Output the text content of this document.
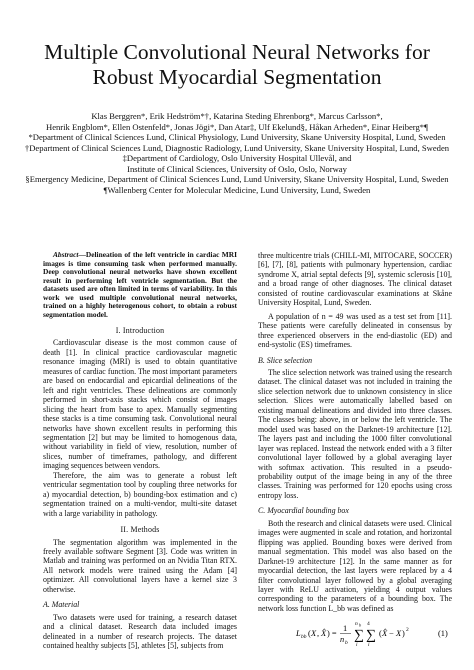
Multiple Convolutional Neural Networks for
Robust Myocardial Segmentation
Klas Berggren*, Erik Hedström*†, Katarina Steding Ehrenborg*, Marcus Carlsson*,
Henrik Engblom*, Ellen Ostenfeld*, Jonas Jögi*, Dan Atar‡, Ulf Ekelund§, Håkan Arheden*, Einar Heiberg*¶
*Department of Clinical Sciences Lund, Clinical Physiology, Lund University, Skane University Hospital, Lund, Sweden
†Department of Clinical Sciences Lund, Diagnostic Radiology, Lund University, Skane University Hospital, Lund, Sweden
‡Department of Cardiology, Oslo University Hospital Ullevål, and
Institute of Clinical Sciences, University of Oslo, Oslo, Norway
§Emergency Medicine, Department of Clinical Sciences Lund, Lund University, Skane University Hospital, Lund, Sweden
¶Wallenberg Center for Molecular Medicine, Lund University, Lund, Sweden

Abstract—Delineation of the left ventricle in cardiac MRI images is time consuming task when performed manually. Deep convolutional neural networks have shown excellent result in performing left ventricle segmentation. But the datasets used are often limited in terms of variability. In this work we used multiple convolutional neural networks, trained on a highly heterogenous cohort, to obtain a robust segmentation model.

I. Introduction

Cardiovascular disease is the most common cause of death [1]. In clinical practice cardiovascular magnetic resonance imaging (MRI) is used to obtain quantitative measures of cardiac function. The most important parameters are based on endocardial and epicardial delineations of the left and right ventricles. These delineations are commonly performed in short-axis stacks which consist of images slicing the heart from base to apex. Manually segmenting these stacks is a time consuming task. Convolutional neural networks have shown excellent results in performing this segmentation [2] but may be limited to homogenous data, without variability in field of view, resolution, number of slices, number of timeframes, pathology, and different imaging sequences between vendors.

Therefore, the aim was to generate a robust left ventricular segmentation tool by coupling three networks for a) myocardial detection, b) bounding-box estimation and c) segmentation trained on a multi-vendor, multi-site dataset with a large variability in pathology.

II. Methods

The segmentation algorithm was implemented in the freely available software Segment [3]. Code was written in Matlab and training was performed on an Nvidia Titan RTX. All network models were trained using the Adam [4] optimizer. All convolutional layers have a kernel size 3 otherwise.

A. Material

Two datasets were used for training, a research dataset and a clinical dataset. Research data included images delineated in a number of research projects. The dataset contained healthy subjects [5], athletes [5], subjects from

three multicentre trials (CHILL-MI, MITOCARE, SOCCER) [6], [7], [8], patients with pulmonary hypertension, cardiac syndrome X, atrial septal defects [9], systemic sclerosis [10], and a broad range of other diagnoses. The clinical dataset consisted of routine cardiovascular examinations at Skåne University Hospital, Lund, Sweden.

A population of n = 49 was used as a test set from [11]. These patients were carefully delineated in consensus by three experienced observers in the end-diastolic (ED) and end-systolic (ES) timeframes.

B. Slice selection

The slice selection network was trained using the research dataset. The clinical dataset was not included in training the slice selection network due to unknown consistency in slice selection. Slices were automatically labelled based on existing manual delineations and divided into three classes. The classes being: above, in or below the left ventricle. The model used was based on the Darknet-19 architecture [12]. The layers past and including the 1000 filter convolutional layer was replaced. Instead the network ended with a 3 filter convolutional layer followed by a global averaging layer with softmax activation. This resulted in a pseudo-probability output of the image being in any of the three classes. Training was performed for 120 epochs using cross entropy loss.

C. Myocardial bounding box

Both the research and clinical datasets were used. Clinical images were augmented in scale and rotation, and horizontal flipping was applied. Bounding boxes were derived from manual segmentation. This model was also based on the Darknet-19 architecture [12]. In the same manner as for myocardial detection, the last layers were replaced by a 4 filter convolutional layer followed by a global averaging layer with ReLU activation, yielding 4 output values corresponding to the parameters of a bounding box. The network loss function L_bb was defined as

L bb ( X , X̂ ) =
1
n b
n b
∑
i
4
∑
i
( X̂ − X ) 2	(1)
